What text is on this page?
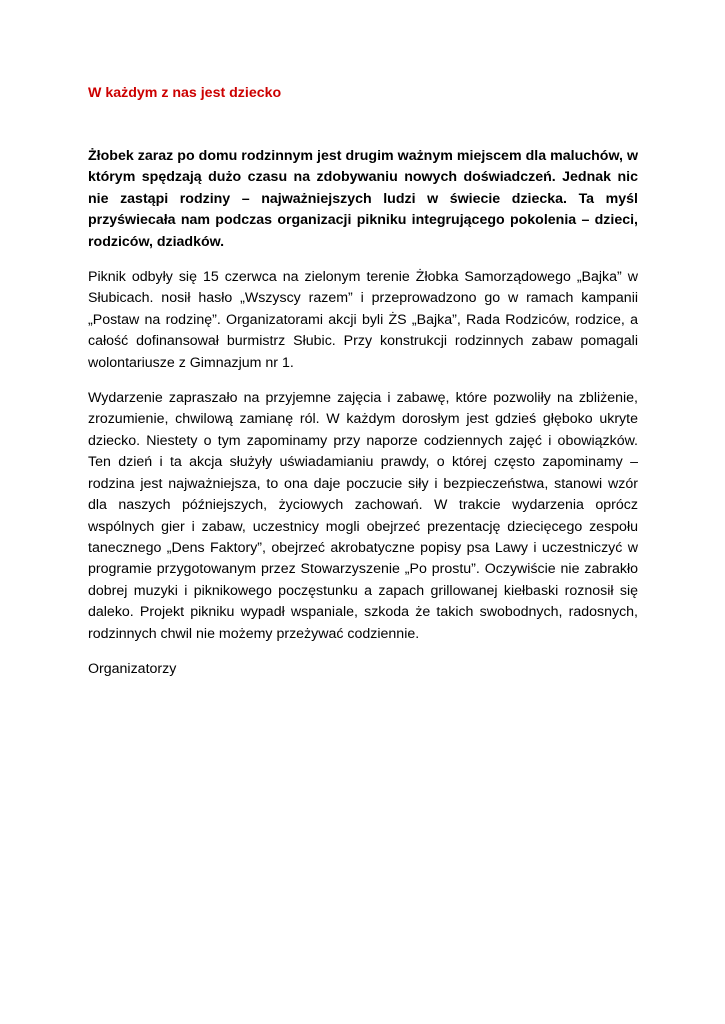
W każdym z nas jest dziecko

Żłobek zaraz po domu rodzinnym jest drugim ważnym miejscem dla maluchów, w którym spędzają dużo czasu na zdobywaniu nowych doświadczeń. Jednak nic nie zastąpi rodziny – najważniejszych ludzi w świecie dziecka. Ta myśl przyświecała nam podczas organizacji pikniku integrującego pokolenia – dzieci, rodziców, dziadków.

Piknik odbyły się 15 czerwca na zielonym terenie Żłobka Samorządowego „Bajka” w Słubicach. nosił hasło „Wszyscy razem” i przeprowadzono go w ramach kampanii „Postaw na rodzinę”. Organizatorami akcji byli ŻS „Bajka”, Rada Rodziców, rodzice, a całość dofinansował burmistrz Słubic. Przy konstrukcji rodzinnych zabaw pomagali wolontariusze z Gimnazjum nr 1.

Wydarzenie zapraszało na przyjemne zajęcia i zabawę, które pozwoliły na zbliżenie, zrozumienie, chwilową zamianę ról. W każdym dorosłym jest gdzieś głęboko ukryte dziecko. Niestety o tym zapominamy przy naporze codziennych zajęć i obowiązków. Ten dzień i ta akcja służyły uświadamianiu prawdy, o której często zapominamy – rodzina jest najważniejsza, to ona daje poczucie siły i bezpieczeństwa, stanowi wzór dla naszych późniejszych, życiowych zachowań. W trakcie wydarzenia oprócz wspólnych gier i zabaw, uczestnicy mogli obejrzeć prezentację dziecięcego zespołu tanecznego „Dens Faktory”, obejrzeć akrobatyczne popisy psa Lawy i uczestniczyć w programie przygotowanym przez Stowarzyszenie „Po prostu”. Oczywiście nie zabrakło dobrej muzyki i piknikowego poczęstunku a zapach grillowanej kiełbaski roznosił się daleko. Projekt pikniku wypadł wspaniale, szkoda że takich swobodnych, radosnych, rodzinnych chwil nie możemy przeżywać codziennie.

Organizatorzy
